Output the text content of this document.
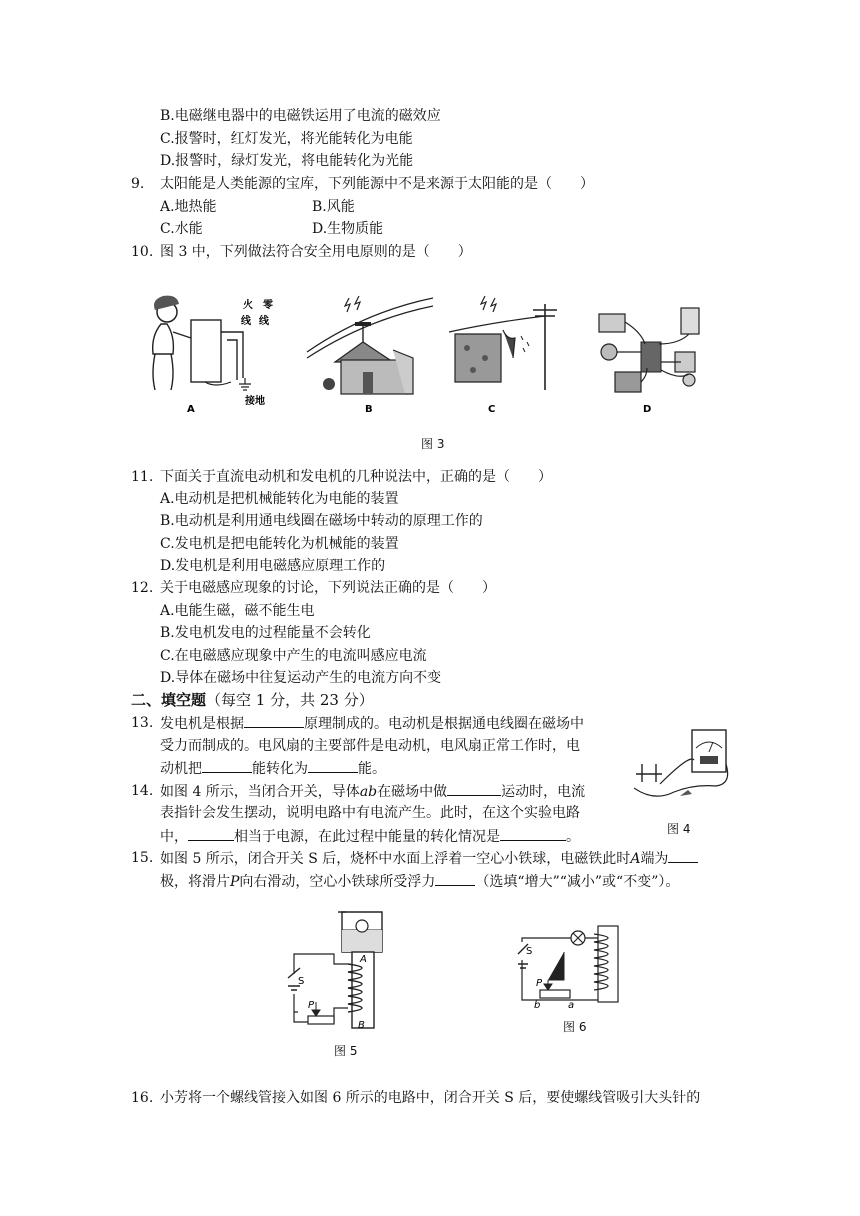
B.电磁继电器中的电磁铁运用了电流的磁效应
C.报警时，红灯发光，将光能转化为电能
D.报警时，绿灯发光，将电能转化为光能
9. 太阳能是人类能源的宝库，下列能源中不是来源于太阳能的是（　　）
A.地热能	B.风能
C.水能	D.生物质能
10. 图 3 中，下列做法符合安全用电原则的是（　　）
火 零
线 线
接地
A	B	C	D
图 3
11. 下面关于直流电动机和发电机的几种说法中，正确的是（　　）
A.电动机是把机械能转化为电能的装置
B.电动机是利用通电线圈在磁场中转动的原理工作的
C.发电机是把电能转化为机械能的装置
D.发电机是利用电磁感应原理工作的
12. 关于电磁感应现象的讨论，下列说法正确的是（　　）
A.电能生磁，磁不能生电
B.发电机发电的过程能量不会转化
C.在电磁感应现象中产生的电流叫感应电流
D.导体在磁场中往复运动产生的电流方向不变
二、填空题（每空 1 分，共 23 分）
13. 发电机是根据	原理制成的。电动机是根据通电线圈在磁场中
受力而制成的。电风扇的主要部件是电动机，电风扇正常工作时，电
动机把	能转化为	能。
图 4
14. 如图 4 所示，当闭合开关，导体ab在磁场中做	运动时，电流
表指针会发生摆动，说明电路中有电流产生。此时，在这个实验电路
中，	相当于电源，在此过程中能量的转化情况是	。
15. 如图 5 所示，闭合开关 S 后，烧杯中水面上浮着一空心小铁球，电磁铁此时A端为
极，将滑片P向右滑动，空心小铁球所受浮力	（选填“增大”“减小”或“不变”）。
S
P
A
B
图 5
S
P
b	a
图 6
16. 小芳将一个螺线管接入如图 6 所示的电路中，闭合开关 S 后，要使螺线管吸引大头针的
